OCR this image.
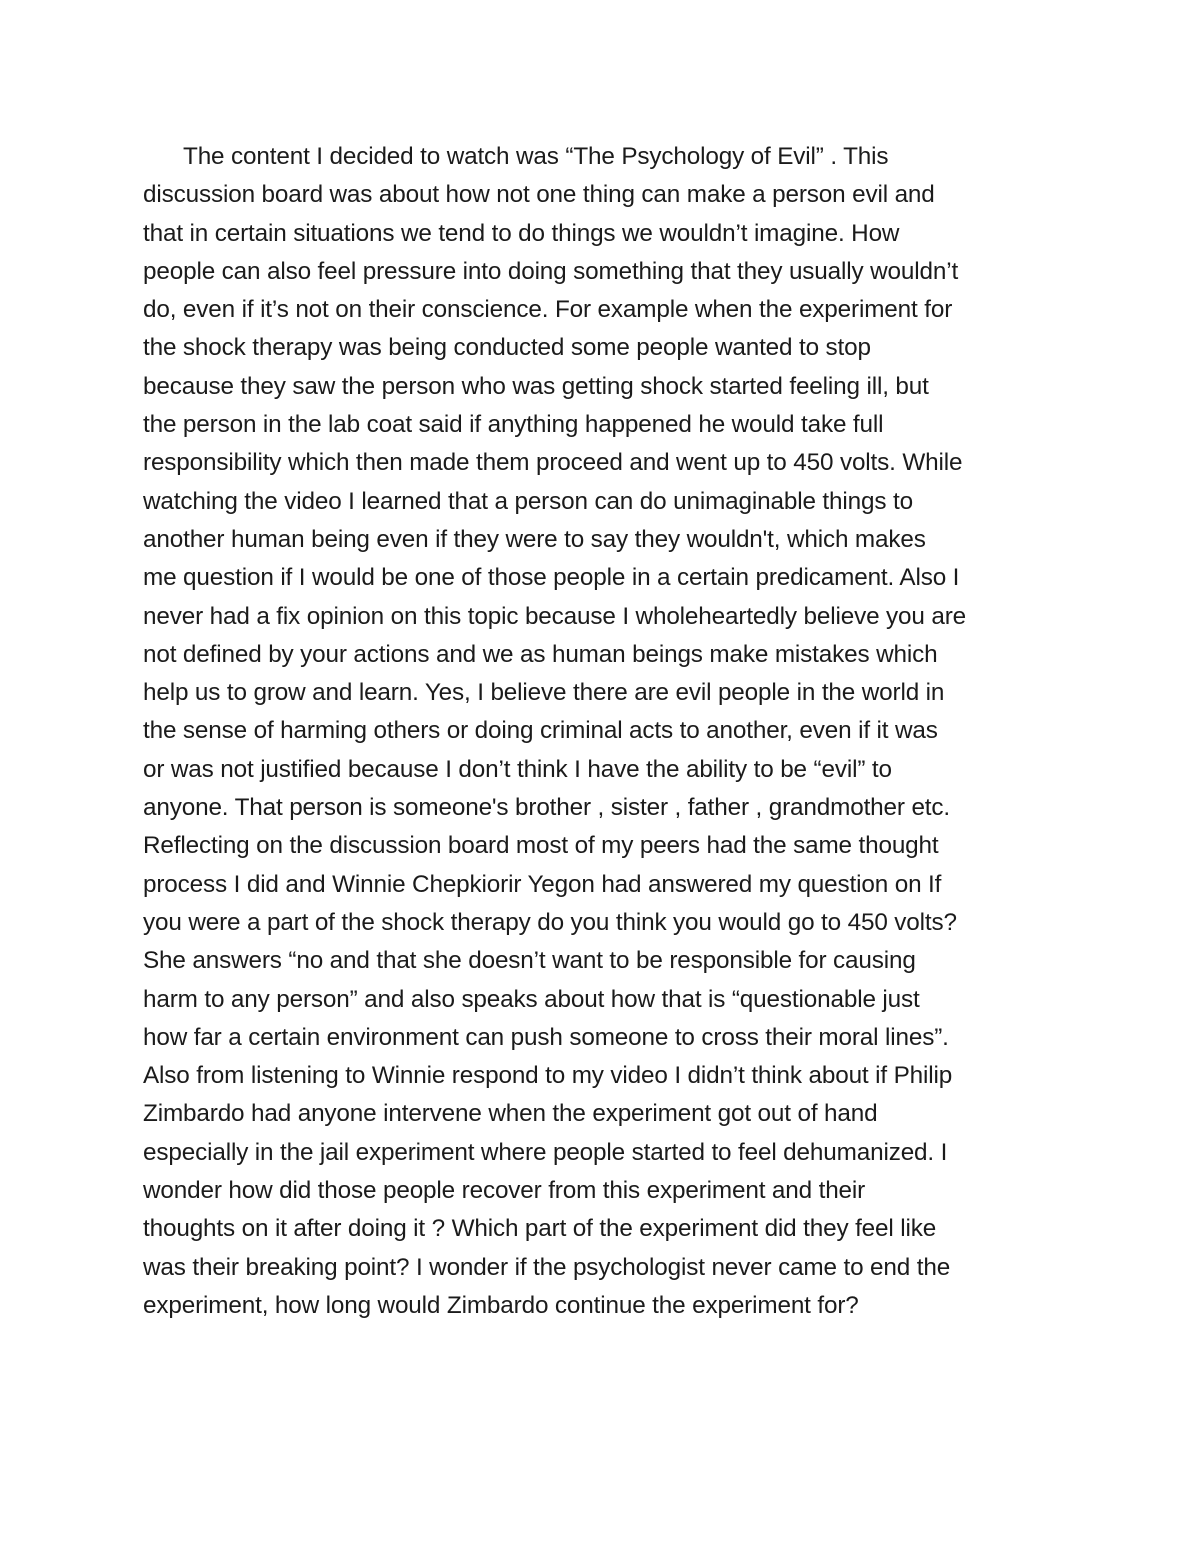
The content I decided to watch was “The Psychology of Evil” . This
discussion board was about how not one thing can make a person evil and
that in certain situations we tend to do things we wouldn’t imagine. How
people can also feel pressure into doing something that they usually wouldn’t
do, even if it’s not on their conscience. For example when the experiment for
the shock therapy was being conducted some people wanted to stop
because they saw the person who was getting shock started feeling ill, but
the person in the lab coat said if anything happened he would take full
responsibility which then made them proceed and went up to 450 volts. While
watching the video I learned that a person can do unimaginable things to
another human being even if they were to say they wouldn't, which makes
me question if I would be one of those people in a certain predicament. Also I
never had a fix opinion on this topic because I wholeheartedly believe you are
not defined by your actions and we as human beings make mistakes which
help us to grow and learn. Yes, I believe there are evil people in the world in
the sense of harming others or doing criminal acts to another, even if it was
or was not justified because I don’t think I have the ability to be “evil” to
anyone. That person is someone's brother , sister , father , grandmother etc.
Reflecting on the discussion board most of my peers had the same thought
process I did and Winnie Chepkiorir Yegon had answered my question on If
you were a part of the shock therapy do you think you would go to 450 volts?
She answers “no and that she doesn’t want to be responsible for causing
harm to any person” and also speaks about how that is “questionable just
how far a certain environment can push someone to cross their moral lines”.
Also from listening to Winnie respond to my video I didn’t think about if Philip
Zimbardo had anyone intervene when the experiment got out of hand
especially in the jail experiment where people started to feel dehumanized. I
wonder how did those people recover from this experiment and their
thoughts on it after doing it ? Which part of the experiment did they feel like
was their breaking point? I wonder if the psychologist never came to end the
experiment, how long would Zimbardo continue the experiment for?
